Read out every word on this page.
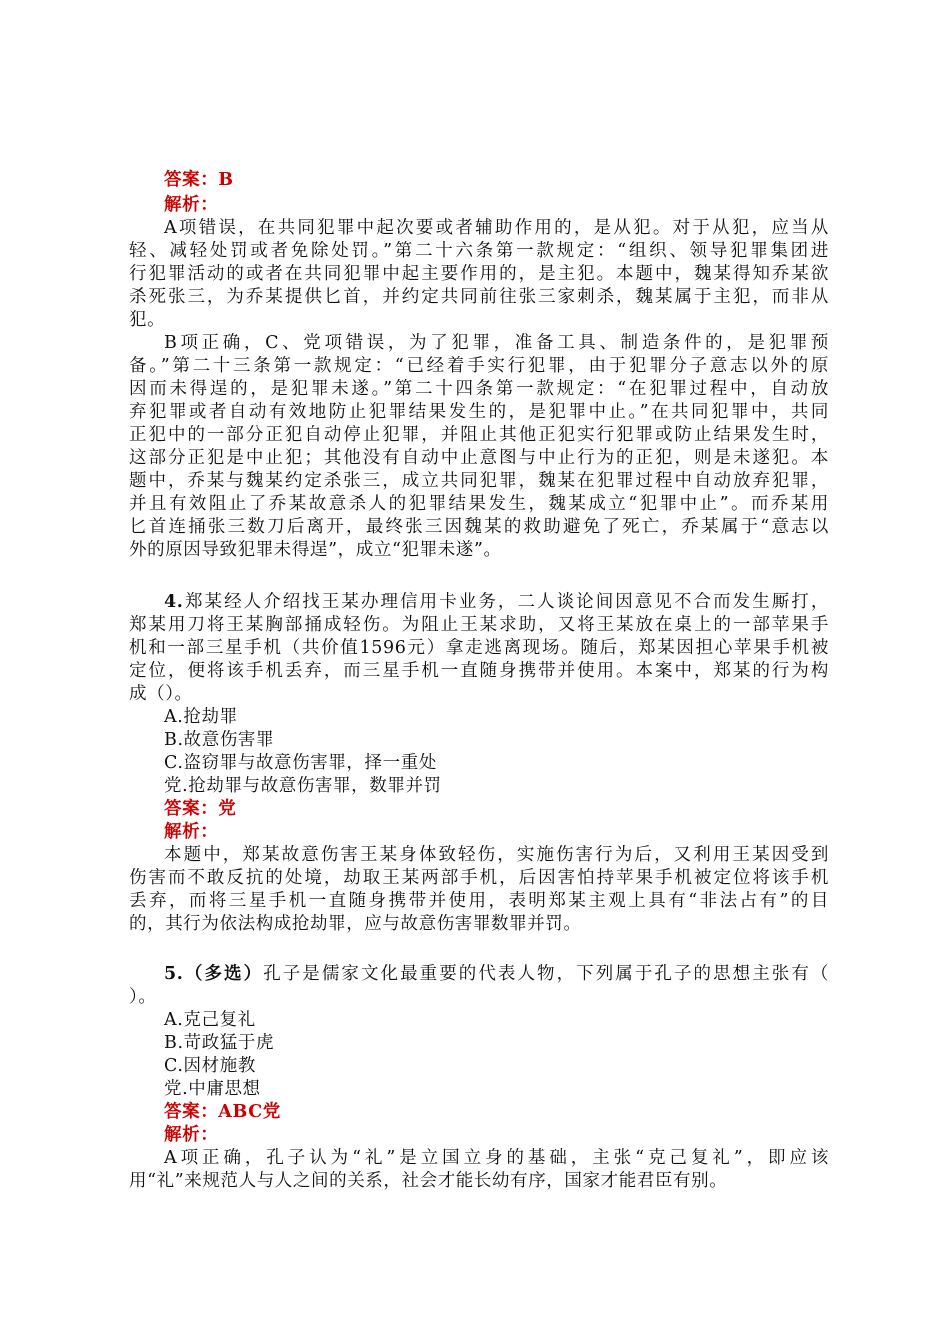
答案：B
解析：
A项错误，在共同犯罪中起次要或者辅助作用的，是从犯。对于从犯，应当从
轻、减轻处罚或者免除处罚。”第二十六条第一款规定：“组织、领导犯罪集团进
行犯罪活动的或者在共同犯罪中起主要作用的，是主犯。本题中，魏某得知乔某欲
杀死张三，为乔某提供匕首，并约定共同前往张三家刺杀，魏某属于主犯，而非从
犯。
B项正确，C、党项错误，为了犯罪，准备工具、制造条件的，是犯罪预
备。”第二十三条第一款规定：“已经着手实行犯罪，由于犯罪分子意志以外的原
因而未得逞的，是犯罪未遂。”第二十四条第一款规定：“在犯罪过程中，自动放
弃犯罪或者自动有效地防止犯罪结果发生的，是犯罪中止。”在共同犯罪中，共同
正犯中的一部分正犯自动停止犯罪，并阻止其他正犯实行犯罪或防止结果发生时，
这部分正犯是中止犯；其他没有自动中止意图与中止行为的正犯，则是未遂犯。本
题中，乔某与魏某约定杀张三，成立共同犯罪，魏某在犯罪过程中自动放弃犯罪，
并且有效阻止了乔某故意杀人的犯罪结果发生，魏某成立“犯罪中止”。而乔某用
匕首连捅张三数刀后离开，最终张三因魏某的救助避免了死亡，乔某属于“意志以
外的原因导致犯罪未得逞”，成立“犯罪未遂”。
4.郑某经人介绍找王某办理信用卡业务，二人谈论间因意见不合而发生厮打，
郑某用刀将王某胸部捅成轻伤。为阻止王某求助，又将王某放在桌上的一部苹果手
机和一部三星手机（共价值1596元）拿走逃离现场。随后，郑某因担心苹果手机被
定位，便将该手机丢弃，而三星手机一直随身携带并使用。本案中，郑某的行为构
成（）。
A.抢劫罪
B.故意伤害罪
C.盗窃罪与故意伤害罪，择一重处
党.抢劫罪与故意伤害罪，数罪并罚
答案：党
解析：
本题中，郑某故意伤害王某身体致轻伤，实施伤害行为后，又利用王某因受到
伤害而不敢反抗的处境，劫取王某两部手机，后因害怕持苹果手机被定位将该手机
丢弃，而将三星手机一直随身携带并使用，表明郑某主观上具有“非法占有”的目
的，其行为依法构成抢劫罪，应与故意伤害罪数罪并罚。
5.（多选）孔子是儒家文化最重要的代表人物，下列属于孔子的思想主张有（
）。
A.克己复礼
B.苛政猛于虎
C.因材施教
党.中庸思想
答案：ABC党
解析：
A项正确，孔子认为“礼”是立国立身的基础，主张“克己复礼”，即应该
用“礼”来规范人与人之间的关系，社会才能长幼有序，国家才能君臣有别。
